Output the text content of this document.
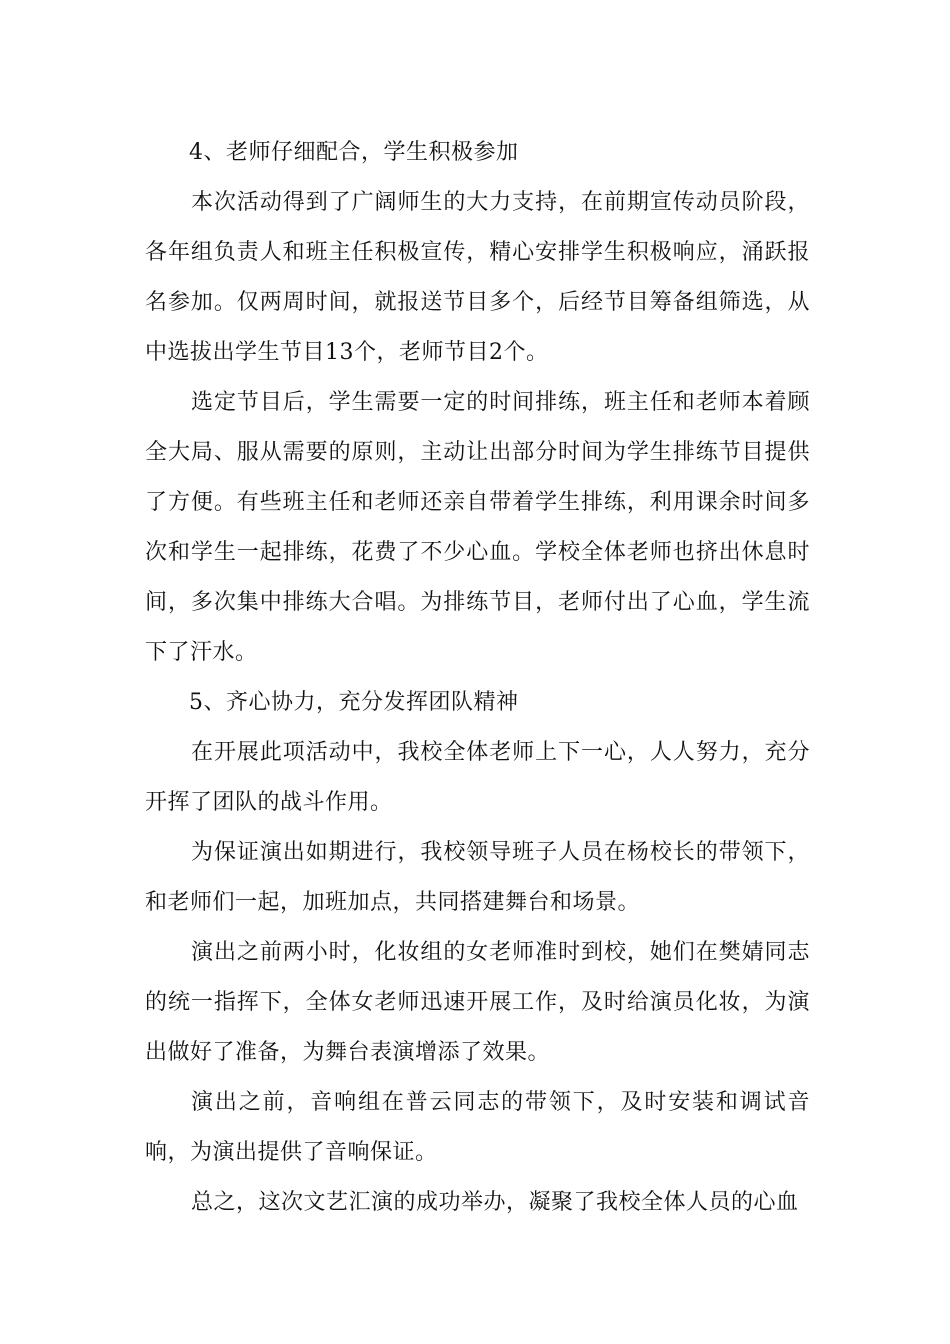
4、老师仔细配合，学生积极参加

本次活动得到了广阔师生的大力支持，在前期宣传动员阶段，各年组负责人和班主任积极宣传，精心安排学生积极响应，涌跃报名参加。仅两周时间，就报送节目多个，后经节目筹备组筛选，从中选拔出学生节目13个，老师节目2个。

选定节目后，学生需要一定的时间排练，班主任和老师本着顾全大局、服从需要的原则，主动让出部分时间为学生排练节目提供了方便。有些班主任和老师还亲自带着学生排练，利用课余时间多次和学生一起排练，花费了不少心血。学校全体老师也挤出休息时间，多次集中排练大合唱。为排练节目，老师付出了心血，学生流下了汗水。

5、齐心协力，充分发挥团队精神

在开展此项活动中，我校全体老师上下一心，人人努力，充分开挥了团队的战斗作用。

为保证演出如期进行，我校领导班子人员在杨校长的带领下，和老师们一起，加班加点，共同搭建舞台和场景。

演出之前两小时，化妆组的女老师准时到校，她们在樊婧同志的统一指挥下，全体女老师迅速开展工作，及时给演员化妆，为演出做好了准备，为舞台表演增添了效果。

演出之前，音响组在普云同志的带领下，及时安装和调试音响，为演出提供了音响保证。

总之，这次文艺汇演的成功举办，凝聚了我校全体人员的心血
